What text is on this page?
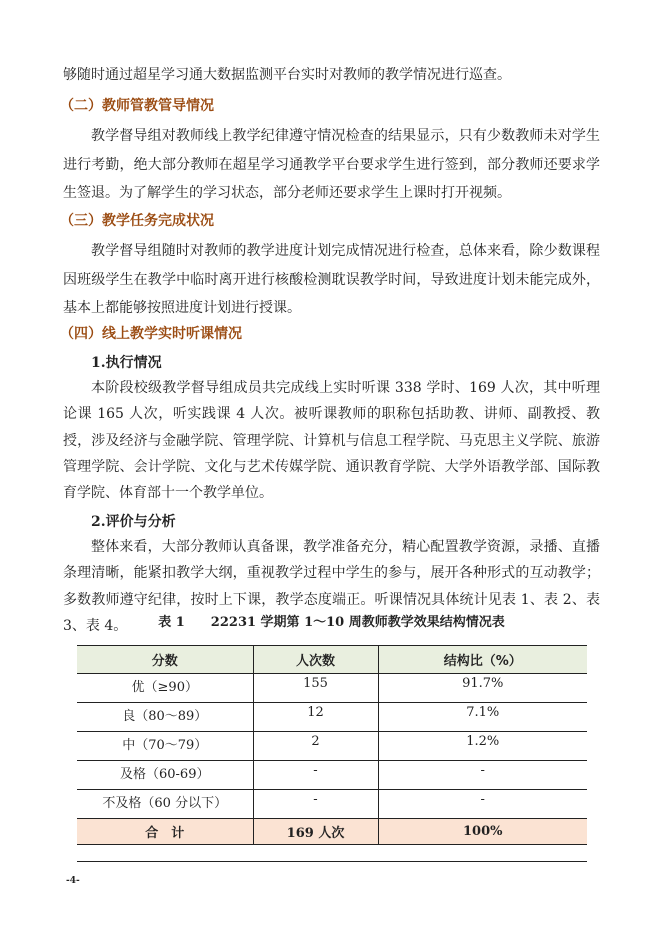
够随时通过超星学习通大数据监测平台实时对教师的教学情况进行巡查。
（二）教师管教管导情况
教学督导组对教师线上教学纪律遵守情况检查的结果显示，只有少数教师未对学生进行考勤，绝大部分教师在超星学习通教学平台要求学生进行签到，部分教师还要求学生签退。为了解学生的学习状态，部分老师还要求学生上课时打开视频。
（三）教学任务完成状况
教学督导组随时对教师的教学进度计划完成情况进行检查，总体来看，除少数课程因班级学生在教学中临时离开进行核酸检测耽误教学时间，导致进度计划未能完成外，基本上都能够按照进度计划进行授课。
（四）线上教学实时听课情况
1.执行情况
本阶段校级教学督导组成员共完成线上实时听课 338 学时、169 人次，其中听理论课 165 人次，听实践课 4 人次。被听课教师的职称包括助教、讲师、副教授、教授，涉及经济与金融学院、管理学院、计算机与信息工程学院、马克思主义学院、旅游管理学院、会计学院、文化与艺术传媒学院、通识教育学院、大学外语教学部、国际教育学院、体育部十一个教学单位。
2.评价与分析
整体来看，大部分教师认真备课，教学准备充分，精心配置教学资源，录播、直播条理清晰，能紧扣教学大纲，重视教学过程中学生的参与，展开各种形式的互动教学；多数教师遵守纪律，按时上下课，教学态度端正。听课情况具体统计见表 1、表 2、表 3、表 4。	表 1　　22231 学期第 1～10 周教师教学效果结构情况表
分数	人次数	结构比（%）
优（≥90）	155	91.7%
良（80～89）	12	7.1%
中（70～79）	2	1.2%
及格（60-69）	-	-
不及格（60 分以下）	-	-
合　计	169 人次	100%
-4-
